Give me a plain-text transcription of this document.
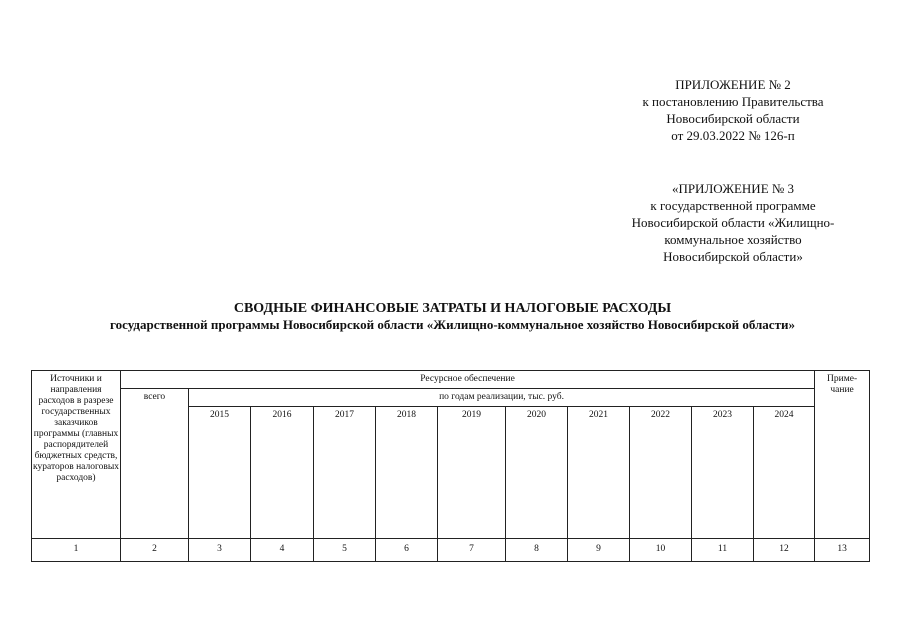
ПРИЛОЖЕНИЕ № 2
к постановлению Правительства
Новосибирской области
от 29.03.2022 № 126-п
«ПРИЛОЖЕНИЕ № 3
к государственной программе
Новосибирской области «Жилищно-
коммунальное хозяйство
Новосибирской области»
СВОДНЫЕ ФИНАНСОВЫЕ ЗАТРАТЫ И НАЛОГОВЫЕ РАСХОДЫ
государственной программы Новосибирской области «Жилищно-коммунальное хозяйство Новосибирской области»
Источники и направления расходов в разрезе государственных заказчиков программы (главных распорядителей бюджетных средств, кураторов налоговых расходов)	Ресурсное обеспечение											Приме-чание
	всего	по годам реализации, тыс. руб.										
		2015	2016	2017	2018	2019	2020	2021	2022	2023	2024	
1	2	3	4	5	6	7	8	9	10	11	12	13
